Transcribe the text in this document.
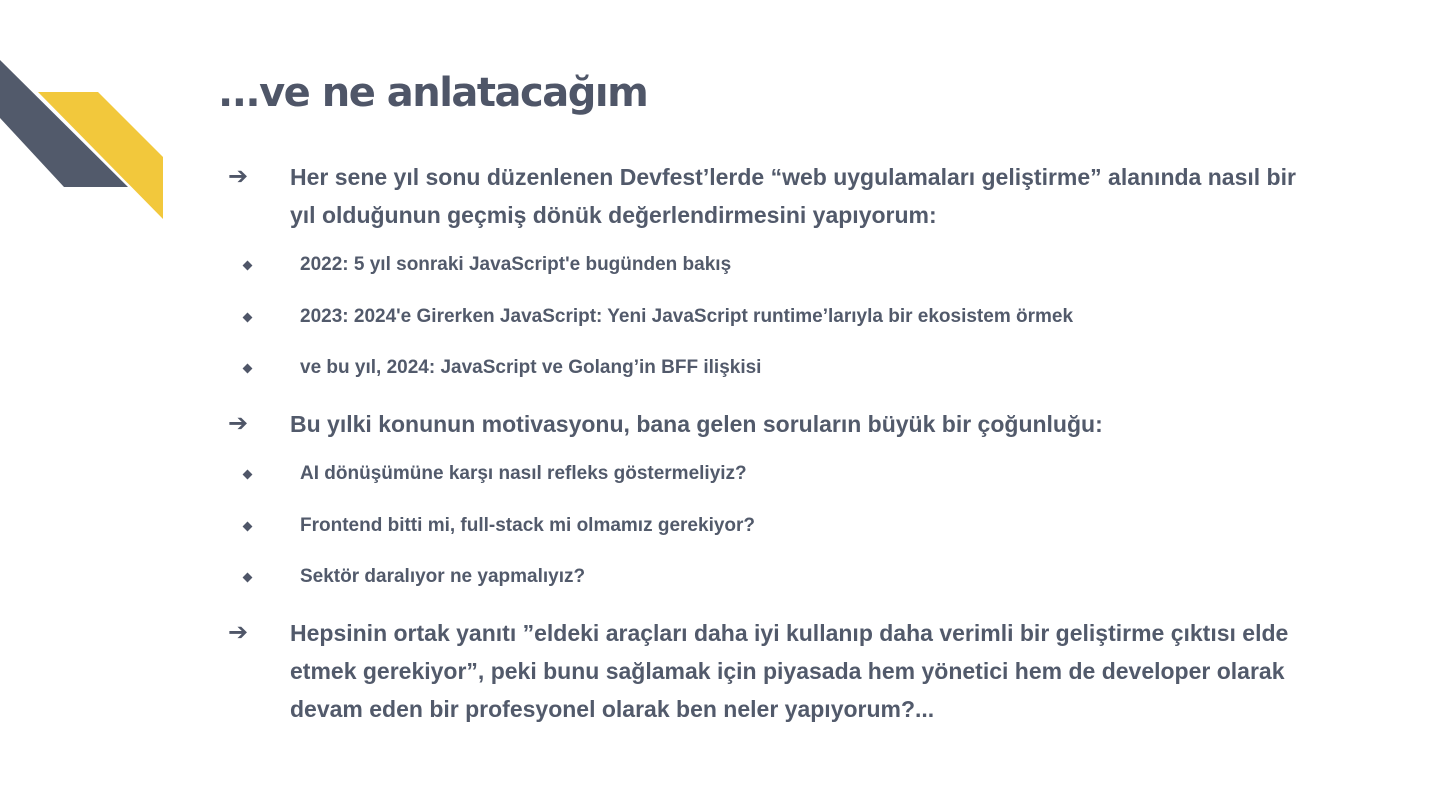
...ve ne anlatacağım
➔ Her sene yıl sonu düzenlenen Devfest’lerde “web uygulamaları geliştirme” alanında nasıl bir yıl olduğunun geçmiş dönük değerlendirmesini yapıyorum:
2022: 5 yıl sonraki JavaScript'e bugünden bakış
2023: 2024'e Girerken JavaScript: Yeni JavaScript runtime’larıyla bir ekosistem örmek
ve bu yıl, 2024: JavaScript ve Golang’in BFF ilişkisi
➔ Bu yılki konunun motivasyonu, bana gelen soruların büyük bir çoğunluğu:
AI dönüşümüne karşı nasıl refleks göstermeliyiz?
Frontend bitti mi, full-stack mi olmamız gerekiyor?
Sektör daralıyor ne yapmalıyız?
➔ Hepsinin ortak yanıtı ”eldeki araçları daha iyi kullanıp daha verimli bir geliştirme çıktısı elde etmek gerekiyor”, peki bunu sağlamak için piyasada hem yönetici hem de developer olarak devam eden bir profesyonel olarak ben neler yapıyorum?...
